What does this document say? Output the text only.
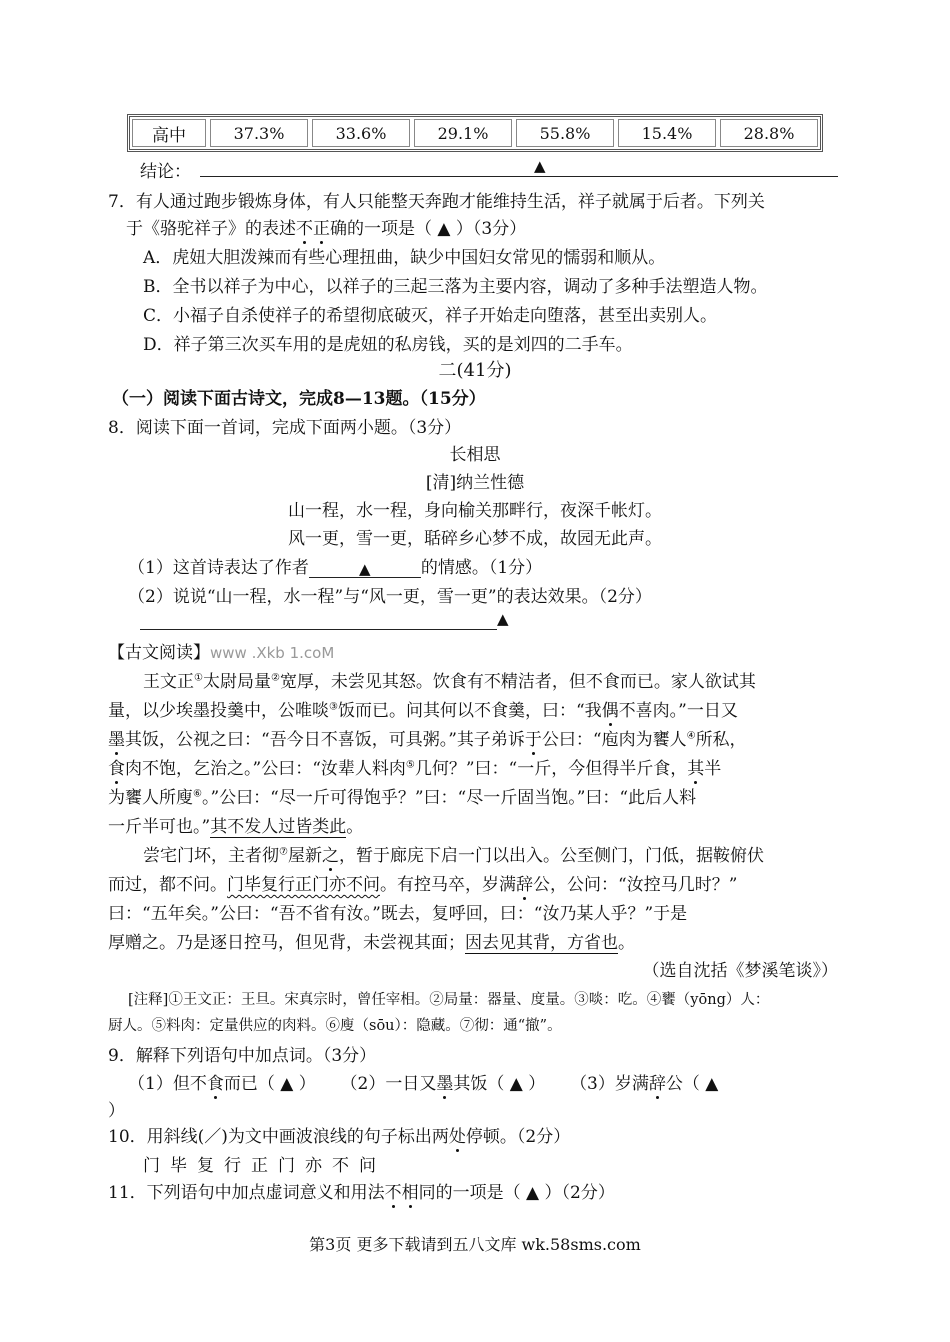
高中	37.3%	33.6%	29.1%	55.8%	15.4%	28.8%
结论：	▲
7．有人通过跑步锻炼身体，有人只能整天奔跑才能维持生活，祥子就属于后者。下列关
于《骆驼祥子》的表述不正确的一项是（ ▲ ）（3分）
A．虎妞大胆泼辣而有些心理扭曲，缺少中国妇女常见的懦弱和顺从。
B．全书以祥子为中心，以祥子的三起三落为主要内容，调动了多种手法塑造人物。
C．小福子自杀使祥子的希望彻底破灭，祥子开始走向堕落，甚至出卖别人。
D．祥子第三次买车用的是虎妞的私房钱，买的是刘四的二手车。
二(41分)
（一）阅读下面古诗文，完成8—13题。（15分）
8．阅读下面一首词，完成下面两小题。（3分）
长相思
[清]纳兰性德
山一程，水一程，身向榆关那畔行，夜深千帐灯。
风一更，雪一更，聒碎乡心梦不成，故园无此声。
（1）这首诗表达了作者	▲	的情感。（1分）
（2）说说“山一程，水一程”与“风一更，雪一更”的表达效果。（2分）
▲
【古文阅读】www .Xkb 1.coM
王文正①太尉局量②宽厚，未尝见其怒。饮食有不精洁者，但不食而已。家人欲试其
量，以少埃墨投羹中，公唯啖③饭而已。问其何以不食羹，曰：“我偶不喜肉。”一日又
墨其饭，公视之曰：“吾今日不喜饭，可具粥。”其子弟诉于公曰：“庖肉为饔人④所私，
食肉不饱，乞治之。”公曰：“汝辈人料肉⑤几何？”曰：“一斤，今但得半斤食，其半
为饔人所廋⑥。”公曰：“尽一斤可得饱乎？”曰：“尽一斤固当饱。”曰：“此后人料
一斤半可也。”其不发人过皆类此。
尝宅门坏，主者彻⑦屋新之，暂于廊庑下启一门以出入。公至侧门，门低，据鞍俯伏
而过，都不问。门毕复行正门亦不问。有控马卒，岁满辞公，公问：“汝控马几时？”
曰：“五年矣。”公曰：“吾不省有汝。”既去，复呼回，曰：“汝乃某人乎？”于是
厚赠之。乃是逐日控马，但见背，未尝视其面；因去见其背，方省也。
（选自沈括《梦溪笔谈》）
[注释]①王文正：王旦。宋真宗时，曾任宰相。②局量：器量、度量。③啖：吃。④饔（yōng）人：
厨人。⑤料肉：定量供应的肉料。⑥廋（sōu）：隐藏。⑦彻：通“撤”。
9．解释下列语句中加点词。（3分）
（1）但不食而已（ ▲ ） （2）一日又墨其饭（ ▲ ） （3）岁满辞公（ ▲
）
10．用斜线(／)为文中画波浪线的句子标出两处停顿。（2分）
门毕复行正门亦不问
11．下列语句中加点虚词意义和用法不相同的一项是（ ▲ ）（2分）
第3页 更多下载请到五八文库 wk.58sms.com
